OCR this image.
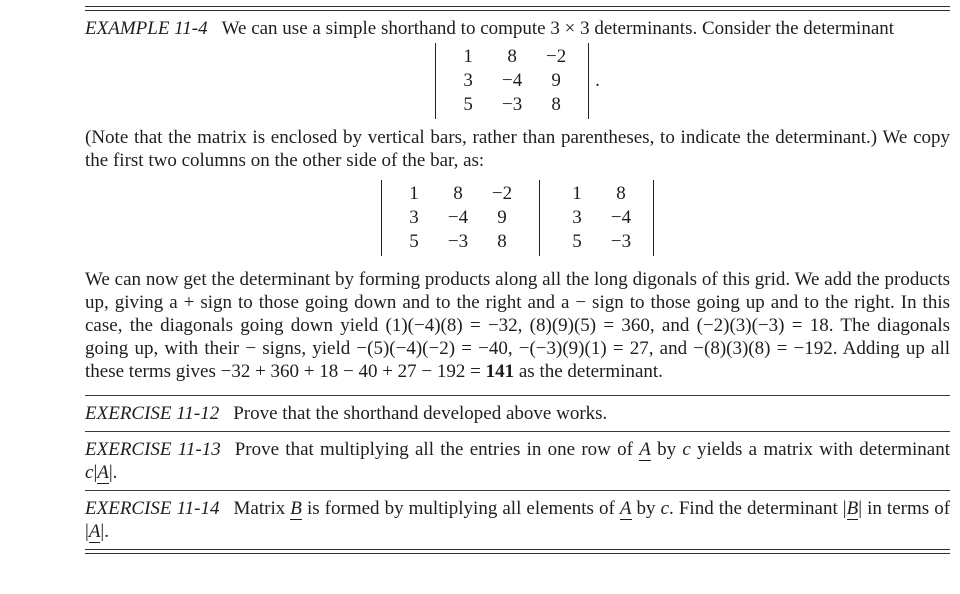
EXAMPLE 11-4 We can use a simple shorthand to compute 3 × 3 determinants. Consider the determinant

1 8 −2
3 −4 9
5 −3 8
.

(Note that the matrix is enclosed by vertical bars, rather than parentheses, to indicate the determinant.) We copy the first two columns on the other side of the bar, as:

1 8 −2
3 −4 9
5 −3 8
1 8
3 −4
5 −3

We can now get the determinant by forming products along all the long digonals of this grid. We add the products up, giving a + sign to those going down and to the right and a − sign to those going up and to the right. In this case, the diagonals going down yield (1)(−4)(8) = −32, (8)(9)(5) = 360, and (−2)(3)(−3) = 18. The diagonals going up, with their − signs, yield −(5)(−4)(−2) = −40, −(−3)(9)(1) = 27, and −(8)(3)(8) = −192. Adding up all these terms gives −32 + 360 + 18 − 40 + 27 − 192 = 141 as the determinant.

EXERCISE 11-12 Prove that the shorthand developed above works.

EXERCISE 11-13 Prove that multiplying all the entries in one row of A by c yields a matrix with determinant c|A|.

EXERCISE 11-14 Matrix B is formed by multiplying all elements of A by c. Find the determinant |B| in terms of |A|.
